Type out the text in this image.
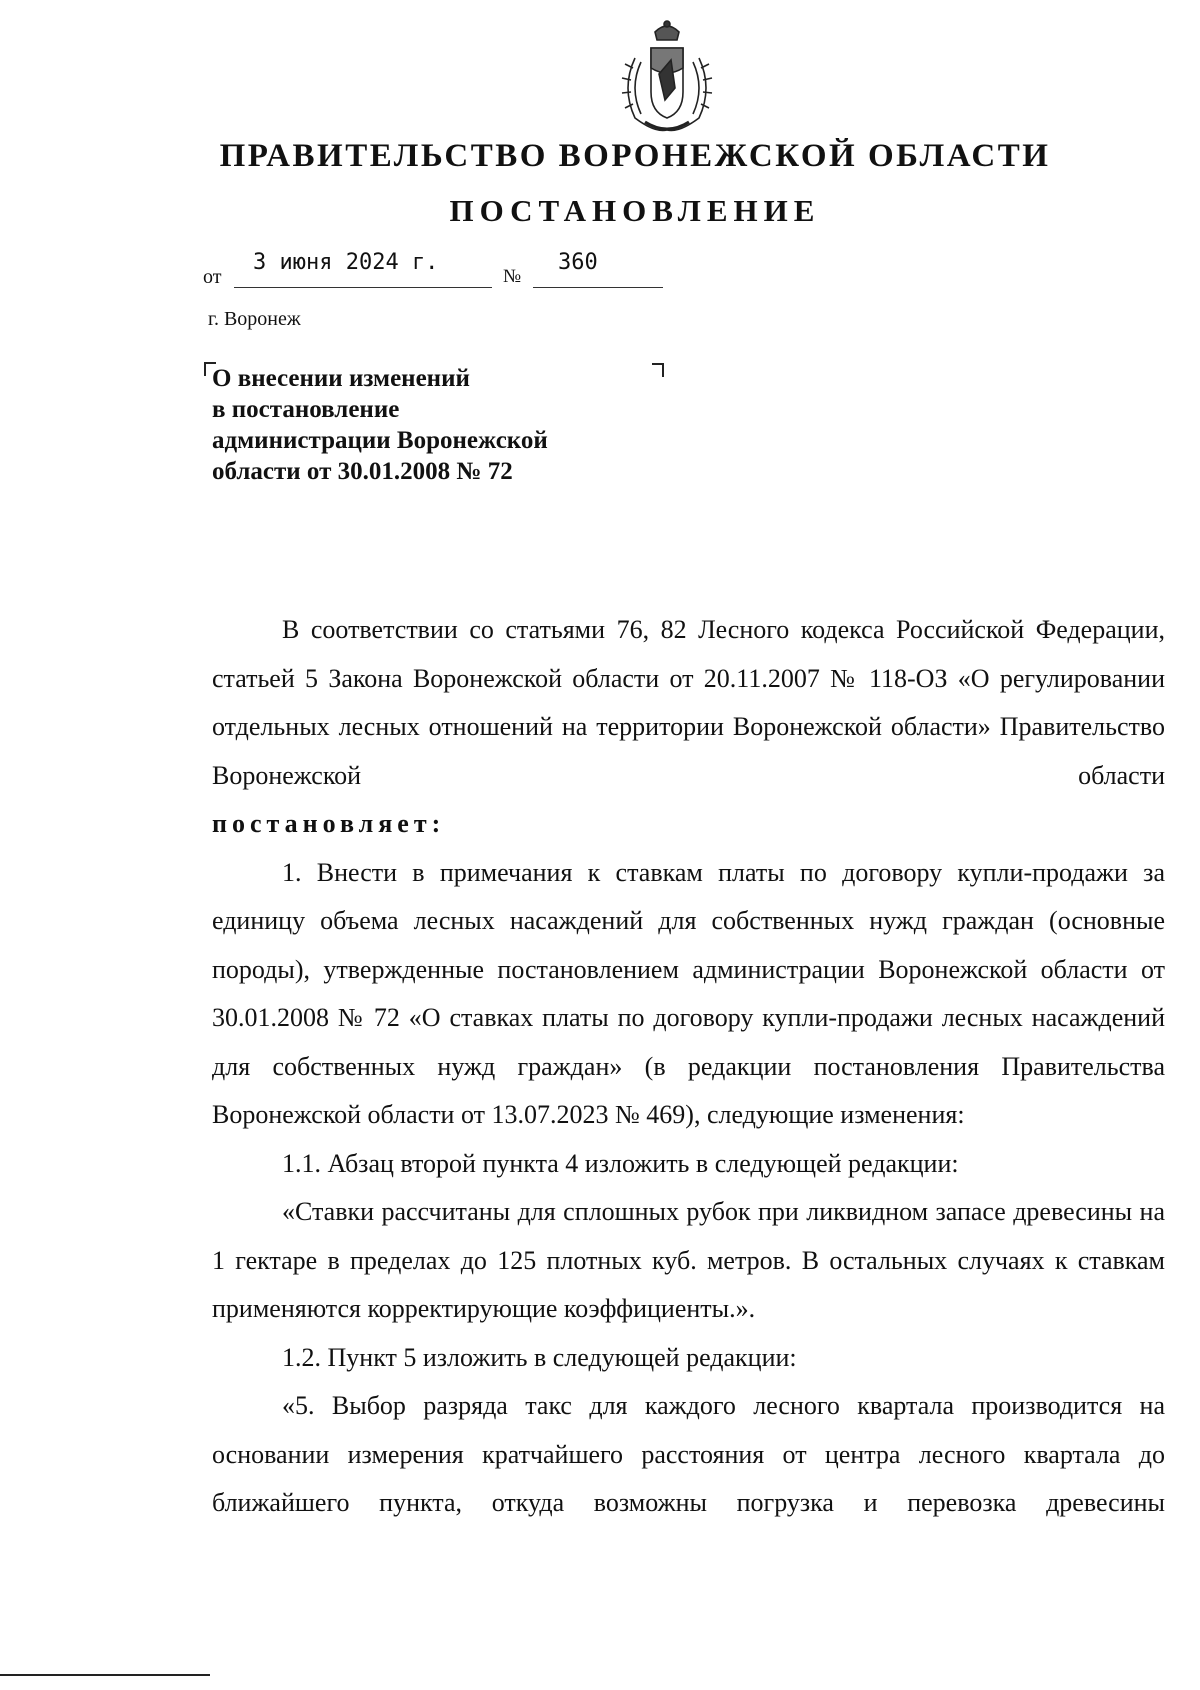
ПРАВИТЕЛЬСТВО ВОРОНЕЖСКОЙ ОБЛАСТИ
ПОСТАНОВЛЕНИЕ
от
3 июня 2024 г.
№
360
г. Воронеж
О внесении изменений
в постановление
администрации Воронежской
области от 30.01.2008 № 72

В соответствии со статьями 76, 82 Лесного кодекса Российской Федерации, статьей 5 Закона Воронежской области от 20.11.2007 № 118-ОЗ «О регулировании отдельных лесных отношений на территории Воронежской области» Правительство Воронежской области

постановляет:

1. Внести в примечания к ставкам платы по договору купли-продажи за единицу объема лесных насаждений для собственных нужд граждан (основные породы), утвержденные постановлением администрации Воронежской области от 30.01.2008 № 72 «О ставках платы по договору купли-продажи лесных насаждений для собственных нужд граждан» (в редакции постановления Правительства Воронежской области от 13.07.2023 № 469), следующие изменения:

1.1. Абзац второй пункта 4 изложить в следующей редакции:

«Ставки рассчитаны для сплошных рубок при ликвидном запасе древесины на 1 гектаре в пределах до 125 плотных куб. метров. В остальных случаях к ставкам применяются корректирующие коэффициенты.».

1.2. Пункт 5 изложить в следующей редакции:

«5. Выбор разряда такс для каждого лесного квартала производится на основании измерения кратчайшего расстояния от центра лесного квартала до ближайшего пункта, откуда возможны погрузка и перевозка древесины
